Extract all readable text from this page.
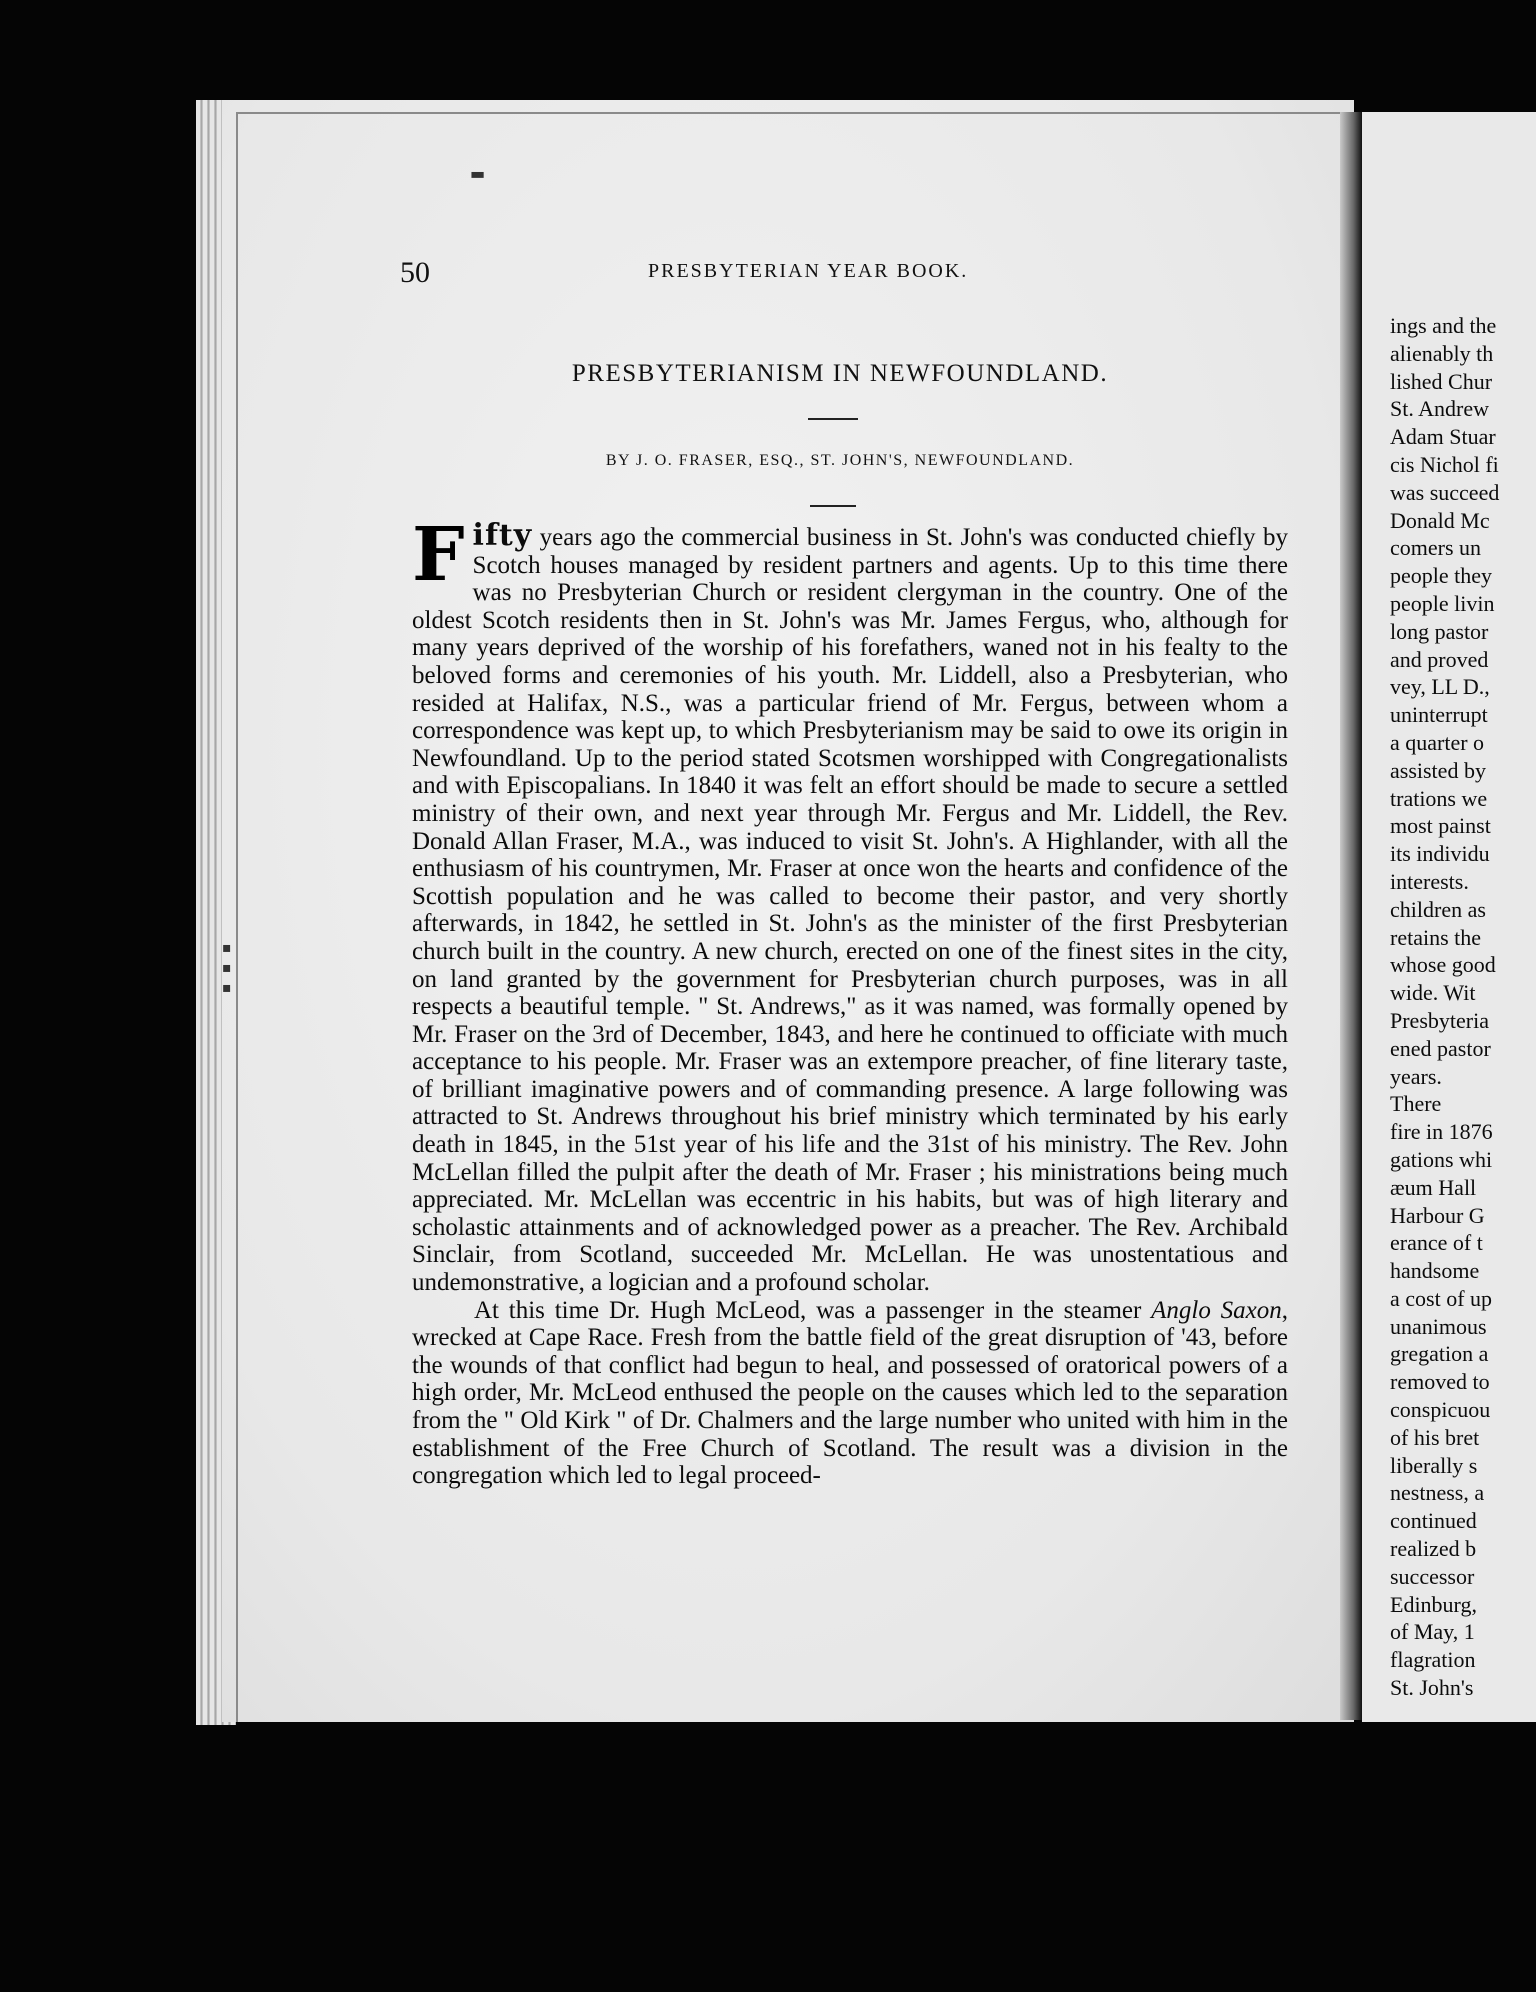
▬
▪
▪
▪
50	PRESBYTERIAN YEAR BOOK.
PRESBYTERIANISM IN NEWFOUNDLAND.
BY J. O. FRASER, ESQ., ST. JOHN'S, NEWFOUNDLAND.

Fifty years ago the commercial business in St. John's was conducted chiefly by Scotch houses managed by resident partners and agents. Up to this time there was no Presbyterian Church or resident clergyman in the country. One of the oldest Scotch residents then in St. John's was Mr. James Fergus, who, although for many years deprived of the worship of his forefathers, waned not in his fealty to the beloved forms and ceremonies of his youth. Mr. Liddell, also a Presbyterian, who resided at Halifax, N.S., was a particular friend of Mr. Fergus, between whom a correspondence was kept up, to which Presbyterianism may be said to owe its origin in Newfoundland. Up to the period stated Scotsmen worshipped with Congregationalists and with Episcopalians. In 1840 it was felt an effort should be made to secure a settled ministry of their own, and next year through Mr. Fergus and Mr. Liddell, the Rev. Donald Allan Fraser, M.A., was induced to visit St. John's. A Highlander, with all the enthusiasm of his countrymen, Mr. Fraser at once won the hearts and confidence of the Scottish population and he was called to become their pastor, and very shortly afterwards, in 1842, he settled in St. John's as the minister of the first Presbyterian church built in the country. A new church, erected on one of the finest sites in the city, on land granted by the government for Presbyterian church purposes, was in all respects a beautiful temple. " St. Andrews," as it was named, was formally opened by Mr. Fraser on the 3rd of December, 1843, and here he continued to officiate with much acceptance to his people. Mr. Fraser was an extempore preacher, of fine literary taste, of brilliant imaginative powers and of commanding presence. A large following was attracted to St. Andrews throughout his brief ministry which terminated by his early death in 1845, in the 51st year of his life and the 31st of his ministry. The Rev. John McLellan filled the pulpit after the death of Mr. Fraser ; his ministrations being much appreciated. Mr. McLellan was eccentric in his habits, but was of high literary and scholastic attainments and of acknowledged power as a preacher. The Rev. Archibald Sinclair, from Scotland, succeeded Mr. McLellan. He was unostentatious and undemonstrative, a logician and a profound scholar.

At this time Dr. Hugh McLeod, was a passenger in the steamer Anglo Saxon, wrecked at Cape Race. Fresh from the battle field of the great disruption of '43, before the wounds of that conflict had begun to heal, and possessed of oratorical powers of a high order, Mr. McLeod enthused the people on the causes which led to the separation from the " Old Kirk " of Dr. Chalmers and the large number who united with him in the establishment of the Free Church of Scotland. The result was a division in the congregation which led to legal proceed-

ings and the
alienably th
lished Chur
St. Andrew
Adam Stuar
cis Nichol fi
was succeed
Donald Mc
comers un
people they
people livin
long pastor
and proved
vey, LL D.,
uninterrupt
a quarter o
assisted by
trations we
most painst
its individu
interests.
children as
retains the
whose good
wide. Wit
Presbyteria
ened pastor
years.
There
fire in 1876
gations whi
æum Hall
Harbour G
erance of t
handsome
a cost of up
unanimous
gregation a
removed to
conspicuou
of his bret
liberally s
nestness, a
continued
realized b
successor
Edinburg,
of May, 1
flagration
St. John's
